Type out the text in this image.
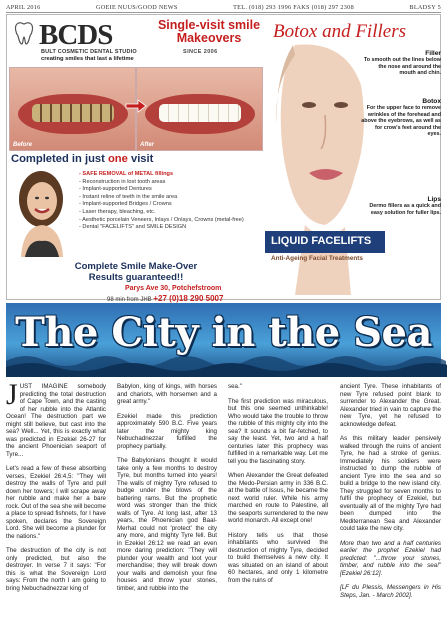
APRIL 2016	GOEIE NUUS/GOOD NEWS	TEL. (018) 293 1996 FAKS (018) 297 2308	BLADSY 5
BCDS
BULT COSMETIC DENTAL STUDIO
creating smiles that last a lifetime
Single-visit smile
Makeovers
SINCE 2006
Before	After
Completed in just one visit
- SAFE REMOVAL of METAL fillings
- Reconstruction in lost tooth areas
- Implant-supported Dentures
- Instant reline of teeth in the smile area
- Implant-supported Bridges / Crowns
- Laser therapy, bleaching, etc.
- Aesthetic porcelain Veneers, Inlays / Onlays, Crowns (metal-free)
- Dental "FACELIFTS" and SMILE DESIGN
Complete Smile Make-Over
Results guaranteed!!
Parys Ave 30, Potchefstroom
98 min from JHB +27 (0)18 290 5007
Botox and Fillers
Filler
To smooth out the lines below the nose and around the mouth and chin.
Botox
For the upper face to remove wrinkles of the forehead and above the eyebrows, as well as for crow's feet around the eyes.
Lips
Dermo fillers as a quick and easy solution for fuller lips.
LIQUID FACELIFTS
Anti-Ageing Facial Treatments
The City in the Sea

JUST IMAGINE somebody predicting the total destruction of Cape Town, and the casting of her rubble into the Atlantic Ocean! The destruction part we might still believe, but cast into the sea? Well... Yet, this is exactly what was predicted in Ezekiel 26-27 for the ancient Phoenician seaport of Tyre...

Let's read a few of these absorbing verses, Ezekiel 26:4,5: "They will destroy the walls of Tyre and pull down her towers; I will scrape away her rubble and make her a bare rock. Out of the sea she will become a place to spread fishnets, for I have spoken, declares the Sovereign Lord. She will become a plunder for the nations."

The destruction of the city is not only predicted, but also the destroyer. In verse 7 it says: "For this is what the Sovereign Lord says: From the north I am going to bring Nebuchadnezzar king of

Babylon, king of kings, with horses and chariots, with horsemen and a great army."

Ezekiel made this prediction approximately 590 B.C. Five years later the mighty king Nebuchadnezzar fulfilled the prophecy partially.

The Babylonians thought it would take only a few months to destroy Tyre, but months turned into years! The walls of mighty Tyre refused to budge under the blows of the battering rams. But the prophetic word was stronger than the thick walls of Tyre. At long last, after 13 years, the Phoenician god Baal-Merhat could not 'protect' the city any more, and mighty Tyre fell. But in Ezekiel 26:12 we read an even more daring prediction: "They will plunder your wealth and loot your merchandise; they will break down your walls and demolish your fine houses and throw your stones, timber, and rubble into the

ancient Tyre. These inhabitants of new Tyre refused point blank to surrender to Alexander the Great. Alexander tried in vain to capture the new Tyre, yet he refused to acknowledge defeat.

As this military leader pensively walked through the ruins of ancient Tyre, he had a stroke of genius. Immediately his soldiers were instructed to dump the rubble of ancient Tyre into the sea and so build a bridge to the new island city. They struggled for seven months to fulfil the prophecy of Ezekiel, but eventually all of the mighty Tyre had been dumped into the Mediterranean Sea and Alexander could take the new city.

More than two and a half centuries earlier the prophet Ezekiel had predicted: "...throw your stones, timber, and rubble into the sea!" [Ezekiel 26:12].

[LF du Plessis, Messengers in His Steps, Jan. - March 2002].

sea."

The first prediction was miraculous, but this one seemed unthinkable! Who would take the trouble to throw the rubble of this mighty city into the sea? It sounds a bit far-fetched, to say the least. Yet, two and a half centuries later this prophecy was fulfilled in a remarkable way. Let me tell you the fascinating story.

When Alexander the Great defeated the Medo-Persian army in 336 B.C. at the battle of Issus, he became the next world ruler. While his army marched en route to Palestine, all the seaports surrendered to the new world monarch. All except one!

History tells us that those inhabitants who survived the destruction of mighty Tyre, decided to build themselves a new city. It was situated on an island of about 60 hectares, and only 1 kilometre from the ruins of
